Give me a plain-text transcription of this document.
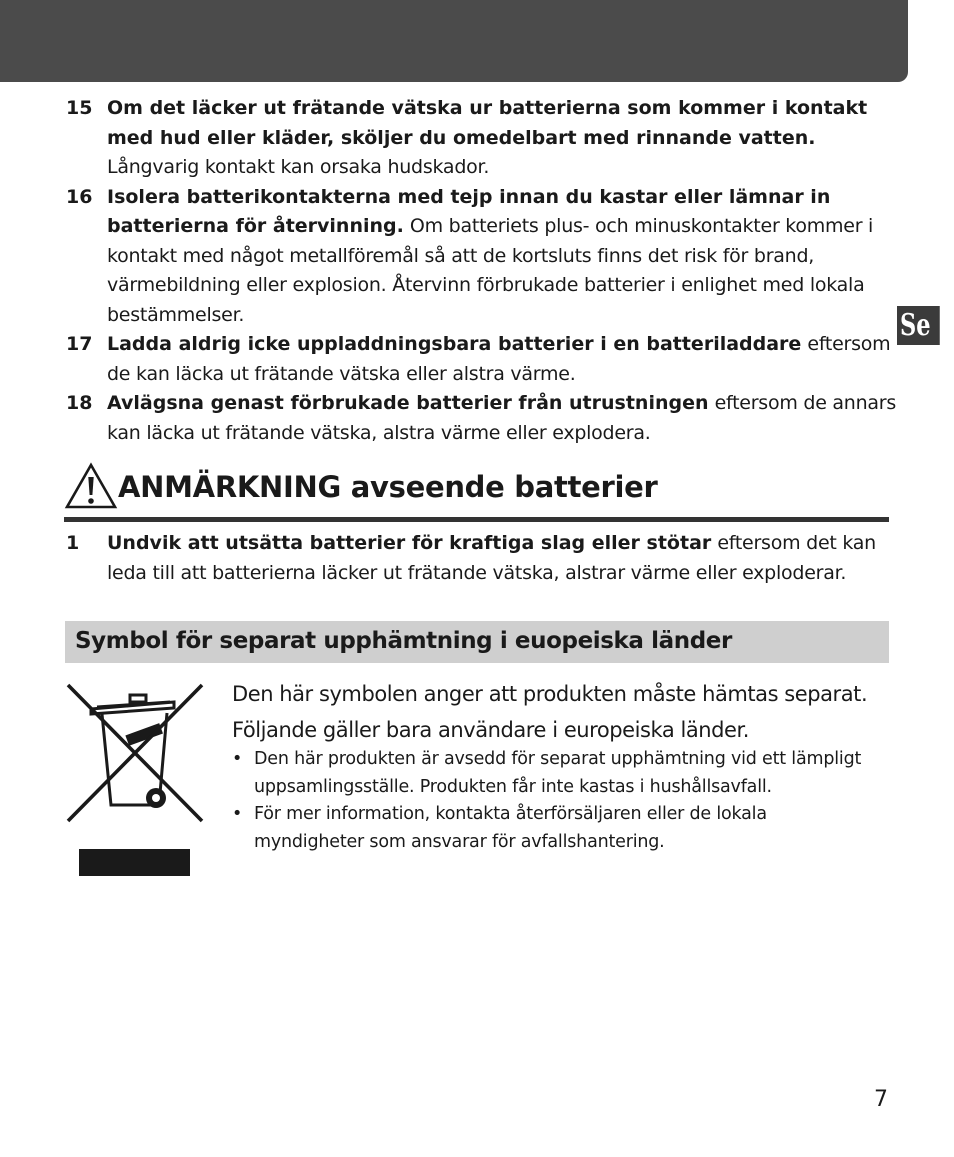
Se
15 Om det läcker ut frätande vätska ur batterierna som kommer i kontakt med hud eller kläder, sköljer du omedelbart med rinnande vatten.
Långvarig kontakt kan orsaka hudskador.
16 Isolera batterikontakterna med tejp innan du kastar eller lämnar in batterierna för återvinning. Om batteriets plus- och minuskontakter kommer i kontakt med något metallföremål så att de kortsluts finns det risk för brand, värmebildning eller explosion. Återvinn förbrukade batterier i enlighet med lokala bestämmelser.
17 Ladda aldrig icke uppladdningsbara batterier i en batteriladdare eftersom de kan läcka ut frätande vätska eller alstra värme.
18 Avlägsna genast förbrukade batterier från utrustningen eftersom de annars kan läcka ut frätande vätska, alstra värme eller explodera.
ANMÄRKNING avseende batterier
1	Undvik att utsätta batterier för kraftiga slag eller stötar eftersom det kan leda till att batterierna läcker ut frätande vätska, alstrar värme eller exploderar.
Symbol för separat upphämtning i euopeiska länder
Den här symbolen anger att produkten måste hämtas separat. Följande gäller bara användare i europeiska länder.
• Den här produkten är avsedd för separat upphämtning vid ett lämpligt uppsamlingsställe. Produkten får inte kastas i hushållsavfall.
• För mer information, kontakta återförsäljaren eller de lokala myndigheter som ansvarar för avfallshantering.
7
